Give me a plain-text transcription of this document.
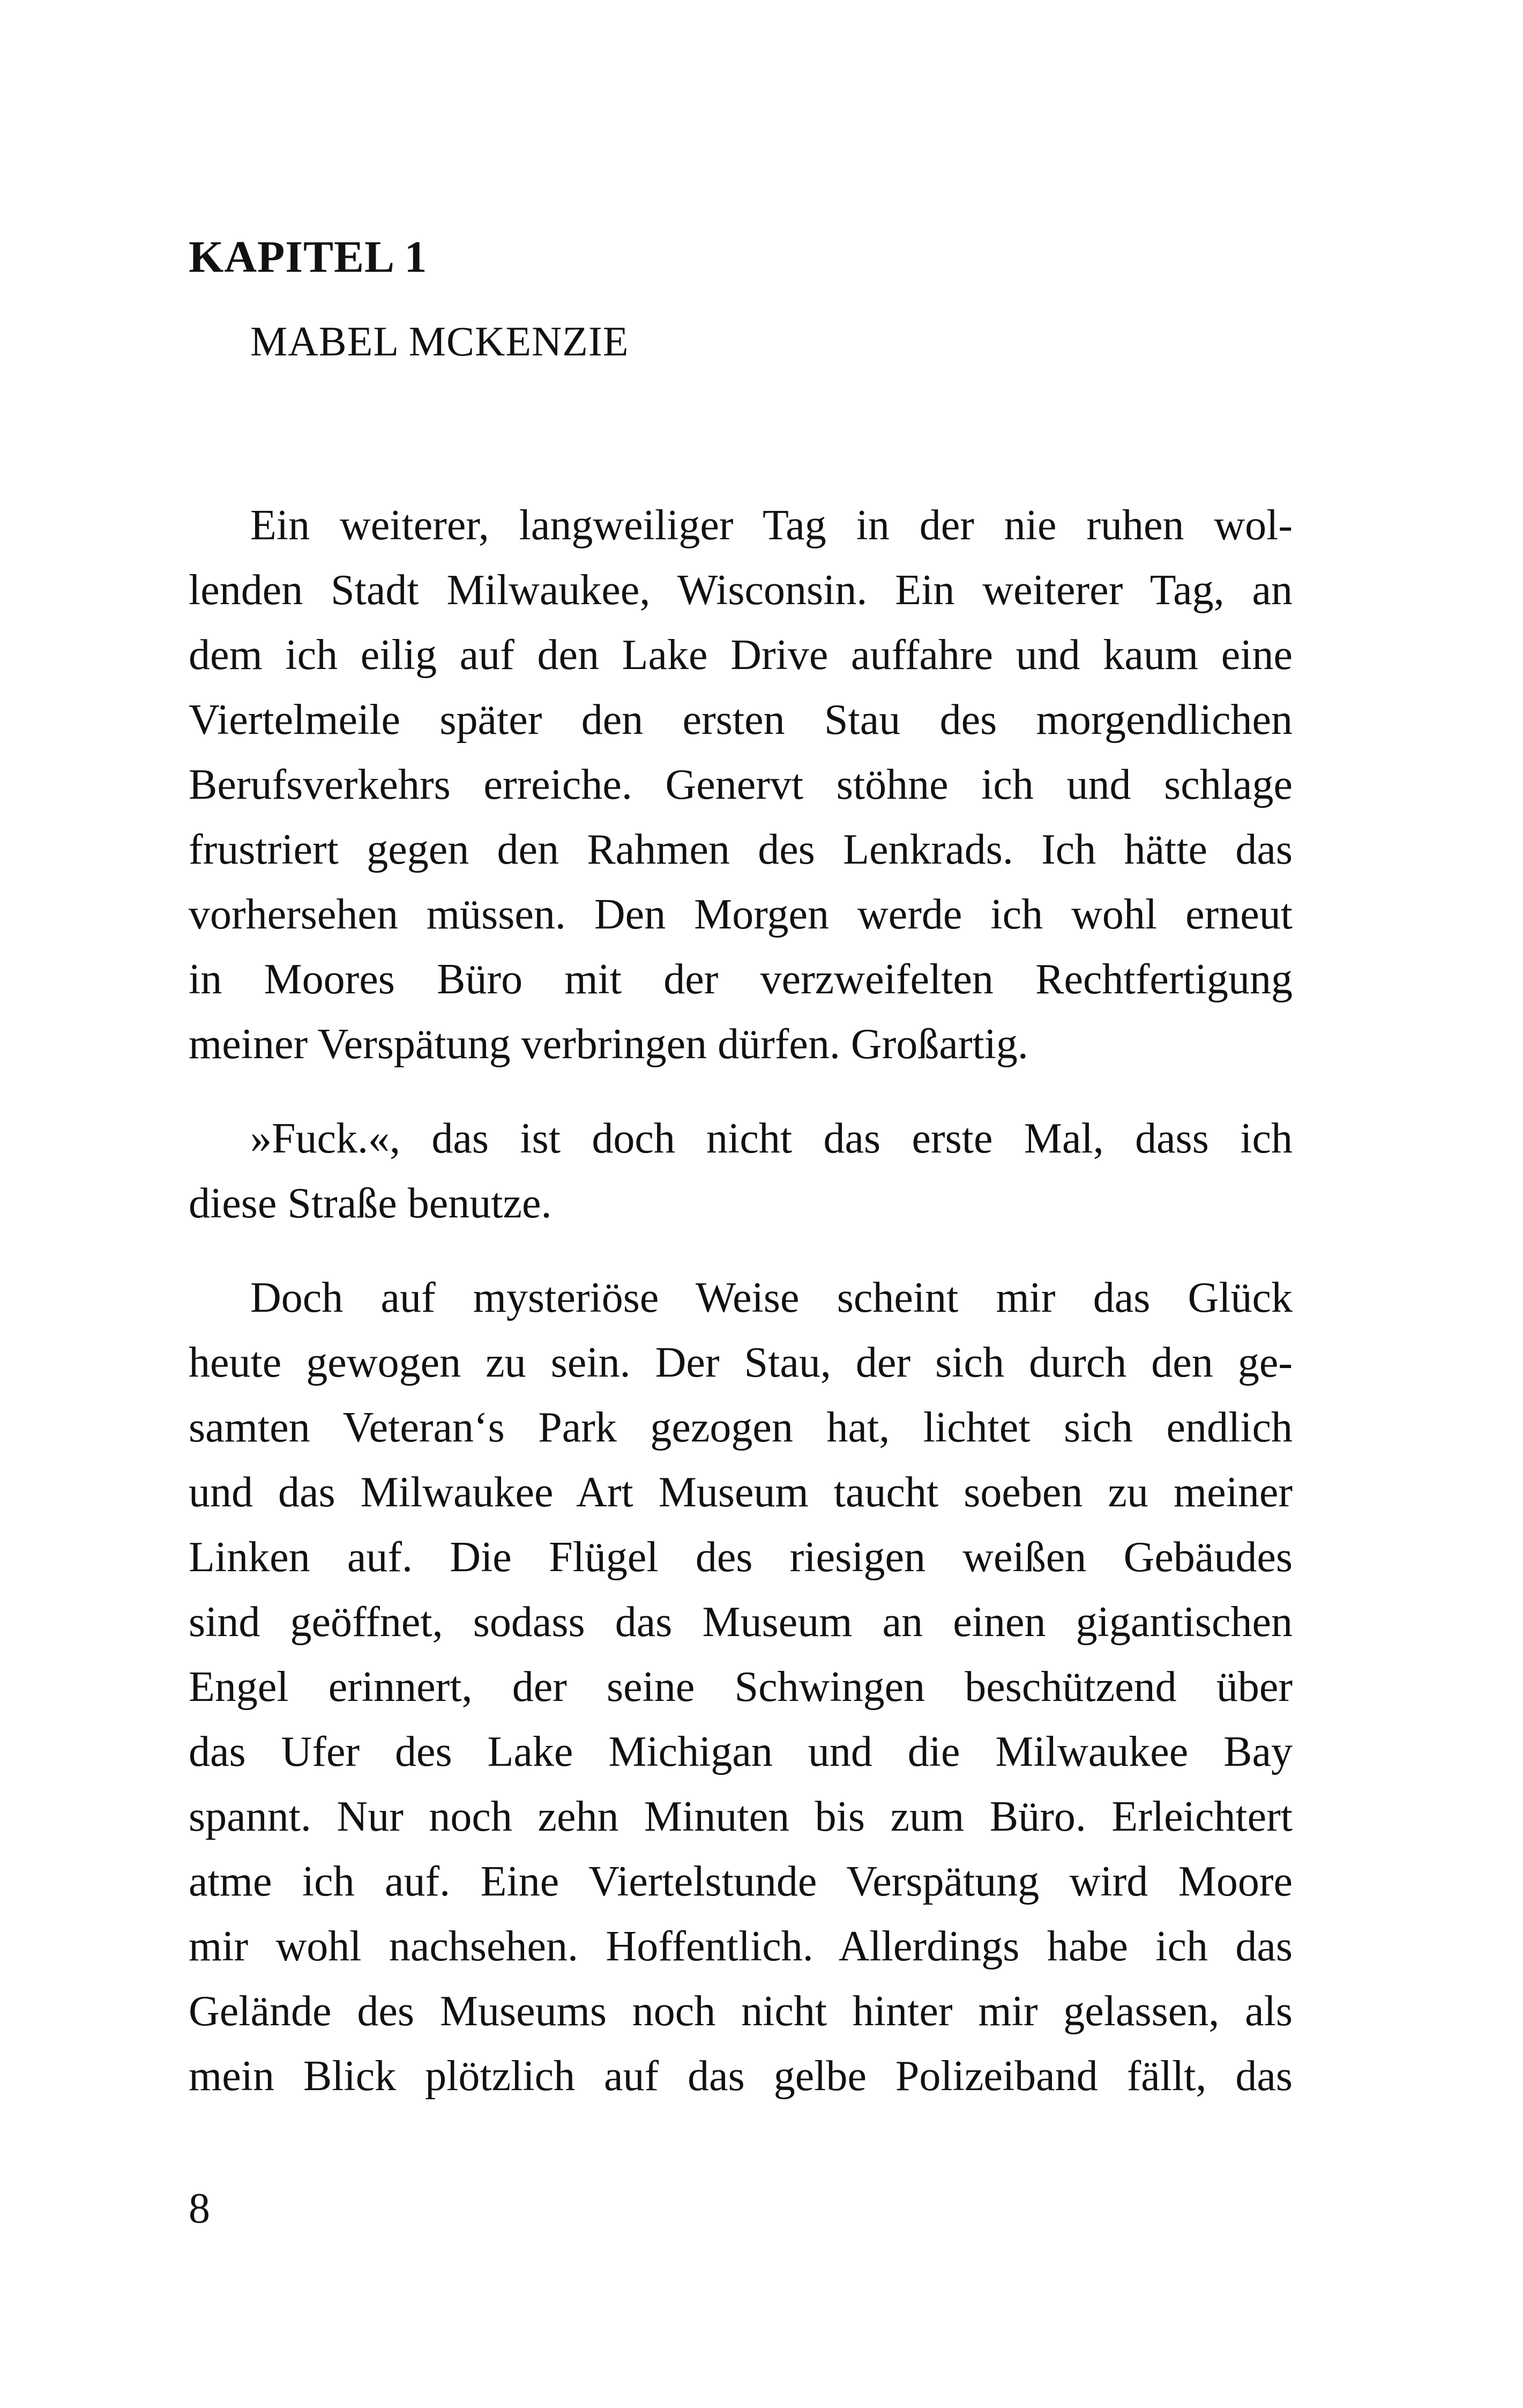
KAPITEL 1
MABEL MCKENZIE

Ein weiterer, langweiliger Tag in der nie ruhen wol-
lenden Stadt Milwaukee, Wisconsin. Ein weiterer Tag, an
dem ich eilig auf den Lake Drive auffahre und kaum eine
Viertelmeile später den ersten Stau des morgendlichen
Berufsverkehrs erreiche. Genervt stöhne ich und schlage
frustriert gegen den Rahmen des Lenkrads. Ich hätte das
vorhersehen müssen. Den Morgen werde ich wohl erneut
in Moores Büro mit der verzweifelten Rechtfertigung
meiner Verspätung verbringen dürfen. Großartig.

»Fuck.«, das ist doch nicht das erste Mal, dass ich
diese Straße benutze.

Doch auf mysteriöse Weise scheint mir das Glück
heute gewogen zu sein. Der Stau, der sich durch den ge-
samten Veteran‘s Park gezogen hat, lichtet sich endlich
und das Milwaukee Art Museum taucht soeben zu meiner
Linken auf. Die Flügel des riesigen weißen Gebäudes
sind geöffnet, sodass das Museum an einen gigantischen
Engel erinnert, der seine Schwingen beschützend über
das Ufer des Lake Michigan und die Milwaukee Bay
spannt. Nur noch zehn Minuten bis zum Büro. Erleichtert
atme ich auf. Eine Viertelstunde Verspätung wird Moore
mir wohl nachsehen. Hoffentlich. Allerdings habe ich das
Gelände des Museums noch nicht hinter mir gelassen, als
mein Blick plötzlich auf das gelbe Polizeiband fällt, das

8
